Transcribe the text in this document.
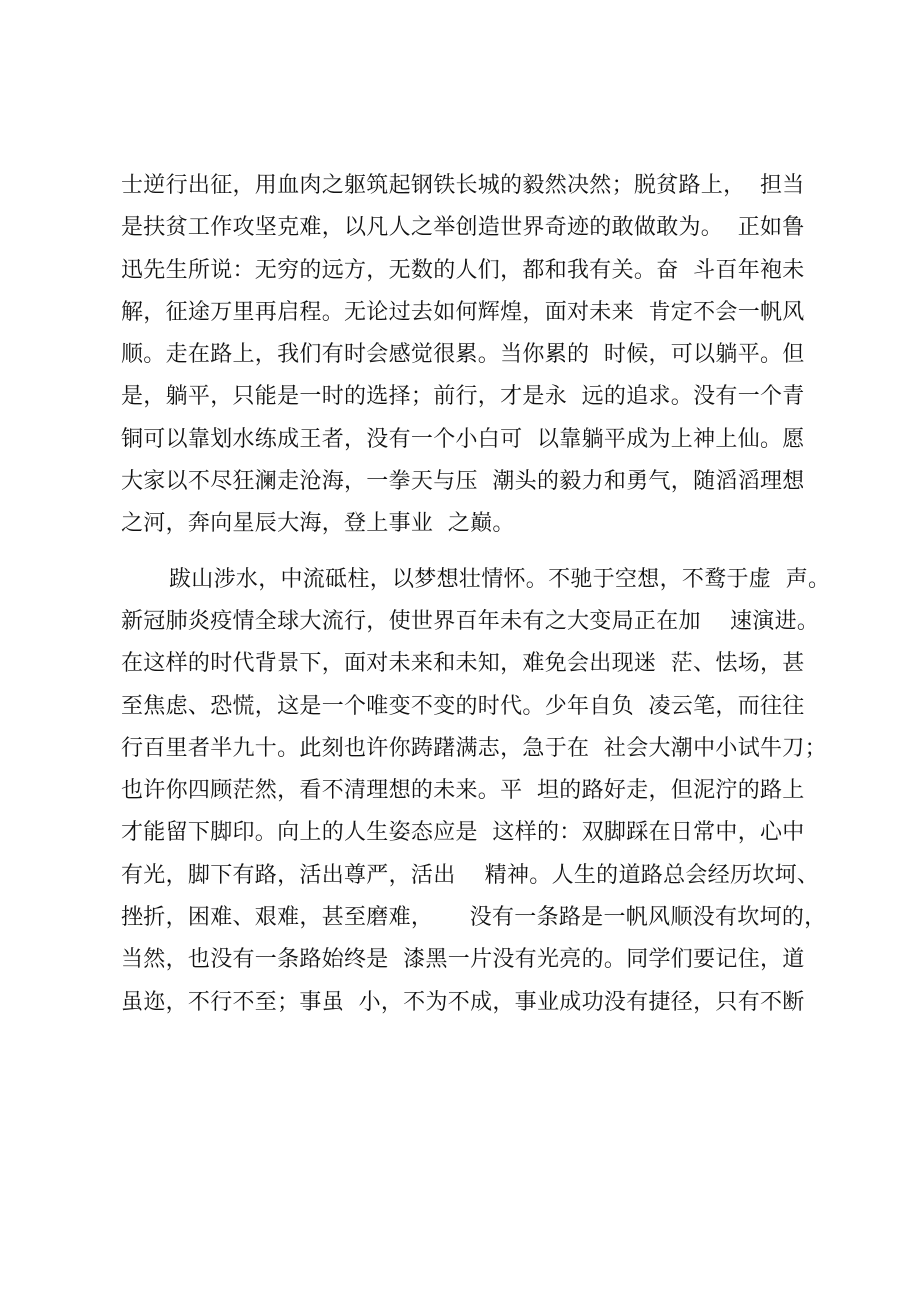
士逆行出征，用血肉之躯筑起钢铁长城的毅然决然；脱贫路上，  担当
是扶贫工作攻坚克难，以凡人之举创造世界奇迹的敢做敢为。  正如鲁
迅先生所说：无穷的远方，无数的人们，都和我有关。奋  斗百年袍未
解，征途万里再启程。无论过去如何辉煌，面对未来  肯定不会一帆风
顺。走在路上，我们有时会感觉很累。当你累的  时候，可以躺平。但
是，躺平，只能是一时的选择；前行，才是永  远的追求。没有一个青
铜可以靠划水练成王者，没有一个小白可  以靠躺平成为上神上仙。愿
大家以不尽狂澜走沧海，一拳天与压  潮头的毅力和勇气，随滔滔理想
之河，奔向星辰大海，登上事业  之巅。
跋山涉水，中流砥柱，以梦想壮情怀。不驰于空想，不鹜于虚  声。
新冠肺炎疫情全球大流行，使世界百年未有之大变局正在加    速演进。
在这样的时代背景下，面对未来和未知，难免会出现迷  茫、怯场，甚
至焦虑、恐慌，这是一个唯变不变的时代。少年自负  凌云笔，而往往
行百里者半九十。此刻也许你踌躇满志，急于在  社会大潮中小试牛刀；
也许你四顾茫然，看不清理想的未来。平  坦的路好走，但泥泞的路上
才能留下脚印。向上的人生姿态应是  这样的：双脚踩在日常中，心中
有光，脚下有路，活出尊严，活出    精神。人生的道路总会经历坎坷、
挫折，困难、艰难，甚至磨难，     没有一条路是一帆风顺没有坎坷的，
当然，也没有一条路始终是  漆黑一片没有光亮的。同学们要记住，道
虽迩，不行不至；事虽  小，不为不成，事业成功没有捷径，只有不断
